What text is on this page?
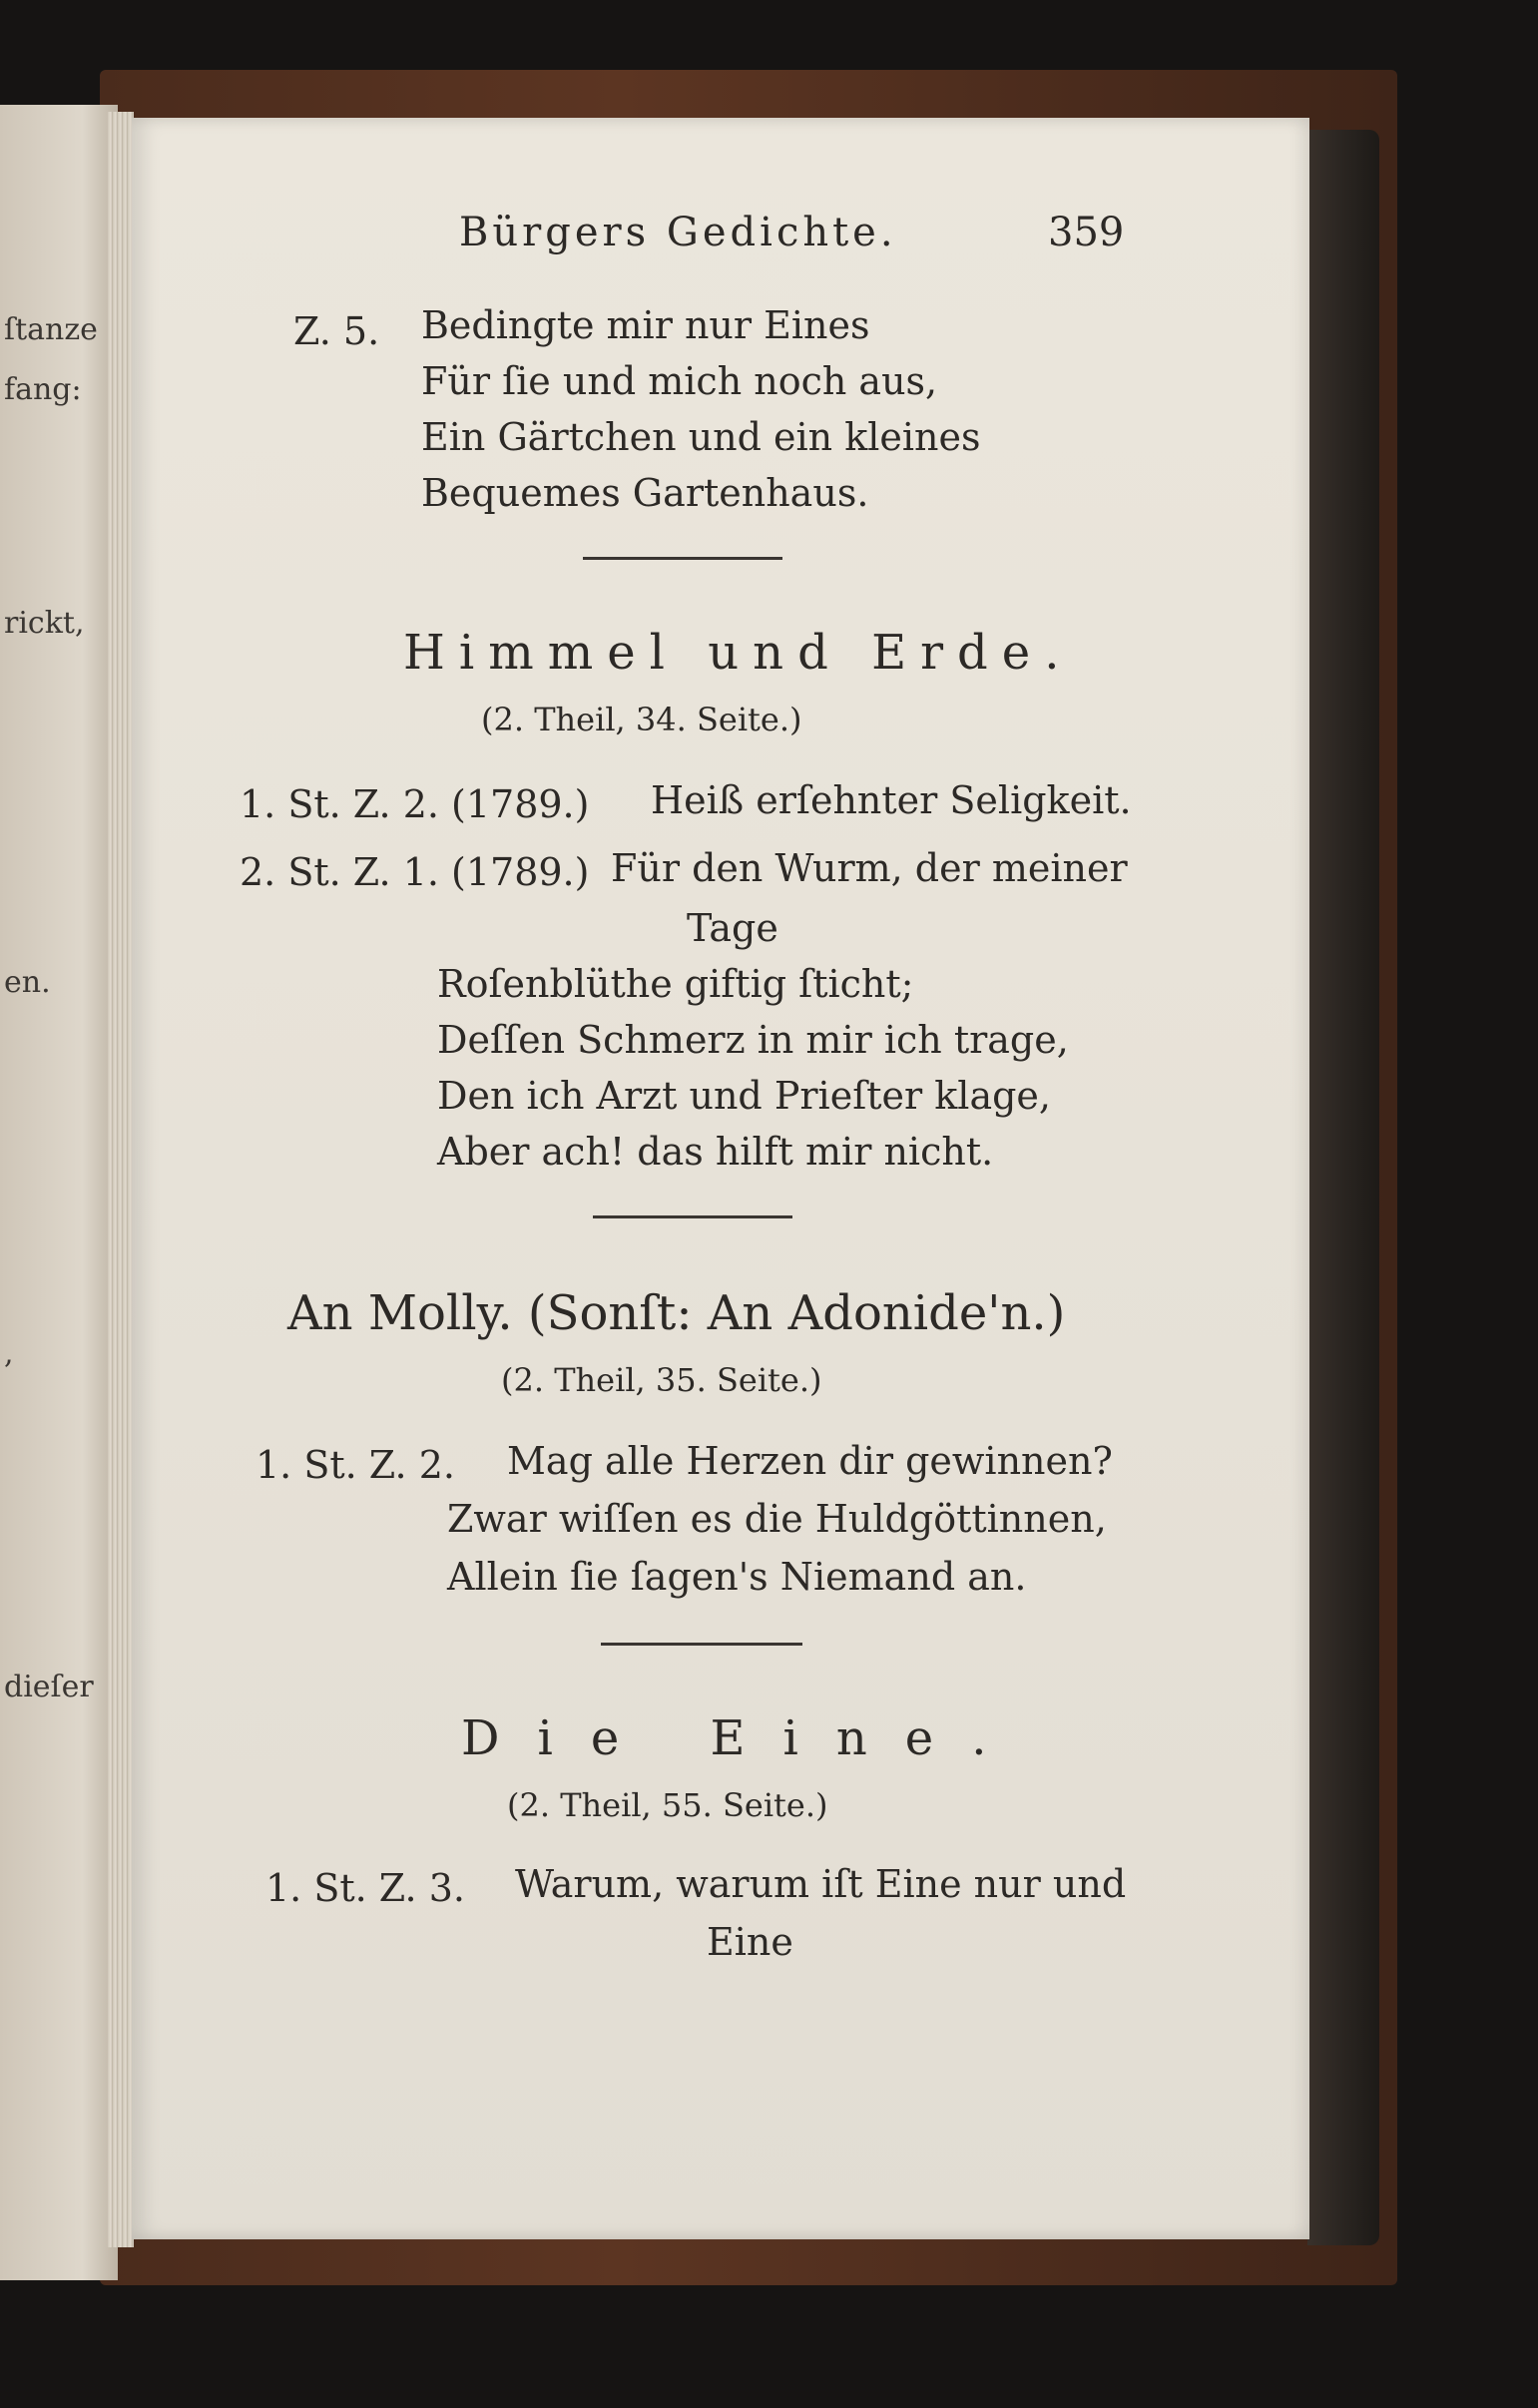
ſtanze
fang:
rickt,
en.
,
dieſer
Bürgers Gedichte.	359
Z. 5. Bedingte mir nur Eines
Für ſie und mich noch aus,
Ein Gärtchen und ein kleines
Bequemes Gartenhaus.
Himmel und Erde.
(2. Theil, 34. Seite.)
1. St. Z. 2. (1789.) Heiß erſehnter Seligkeit.
2. St. Z. 1. (1789.) Für den Wurm, der meiner
Tage
Roſenblüthe giftig ſticht;
Deſſen Schmerz in mir ich trage,
Den ich Arzt und Prieſter klage,
Aber ach! das hilft mir nicht.
An Molly. (Sonſt: An Adonide'n.)
(2. Theil, 35. Seite.)
1. St. Z. 2. Mag alle Herzen dir gewinnen?
Zwar wiſſen es die Huldgöttinnen,
Allein ſie ſagen's Niemand an.
Die Eine.
(2. Theil, 55. Seite.)
1. St. Z. 3. Warum, warum iſt Eine nur und
Eine
